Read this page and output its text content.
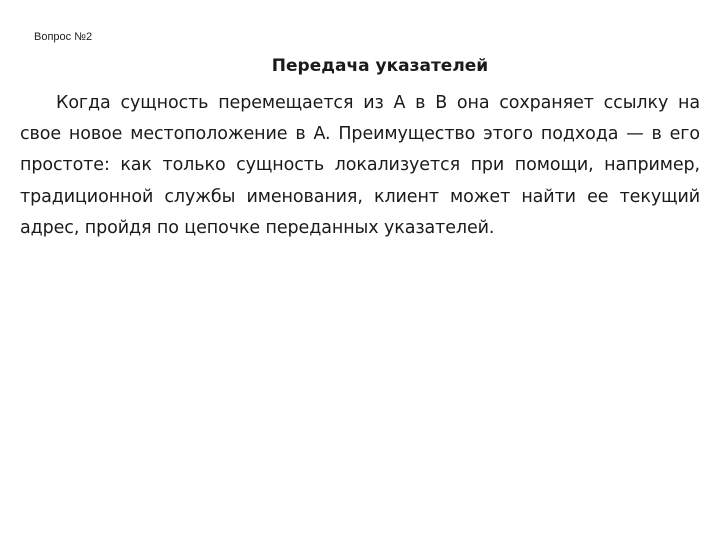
Вопрос №2
Передача указателей

Когда сущность перемещается из A в B она сохраняет ссылку на свое новое местоположение в A. Преимущество этого подхода — в его простоте: как только сущность локализуется при помощи, например, традиционной службы именования, клиент может найти ее текущий адрес, пройдя по цепочке переданных указателей.
